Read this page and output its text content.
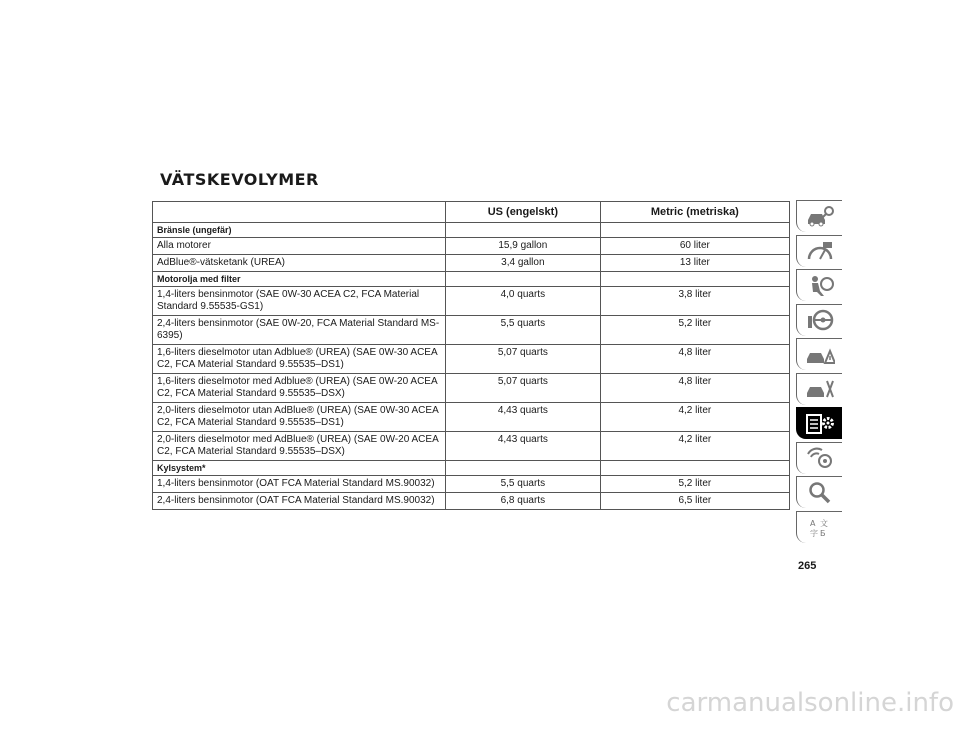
VÄTSKEVOLYMER
	US (engelskt)	Metric (metriska)
Bränsle (ungefär)		
Alla motorer	15,9 gallon	60 liter
AdBlue®-vätsketank (UREA)	3,4 gallon	13 liter
Motorolja med filter		
1,4-liters bensinmotor (SAE 0W-30 ACEA C2, FCA Material Standard 9.55535-GS1)	4,0 quarts	3,8 liter
2,4-liters bensinmotor (SAE 0W-20, FCA Material Standard MS-6395)	5,5 quarts	5,2 liter
1,6-liters dieselmotor utan Adblue® (UREA) (SAE 0W-30 ACEA C2, FCA Material Standard 9.55535–DS1)	5,07 quarts	4,8 liter
1,6-liters dieselmotor med Adblue® (UREA) (SAE 0W-20 ACEA C2, FCA Material Standard 9.55535–DSX)	5,07 quarts	4,8 liter
2,0-liters dieselmotor utan AdBlue® (UREA) (SAE 0W-30 ACEA C2, FCA Material Standard 9.55535–DS1)	4,43 quarts	4,2 liter
2,0-liters dieselmotor med AdBlue® (UREA) (SAE 0W-20 ACEA C2, FCA Material Standard 9.55535–DSX)	4,43 quarts	4,2 liter
Kylsystem*		
1,4-liters bensinmotor (OAT FCA Material Standard MS.90032)	5,5 quarts	5,2 liter
2,4-liters bensinmotor (OAT FCA Material Standard MS.90032)	6,8 quarts	6,5 liter
A 文
字 Б

265

carmanualsonline.info
